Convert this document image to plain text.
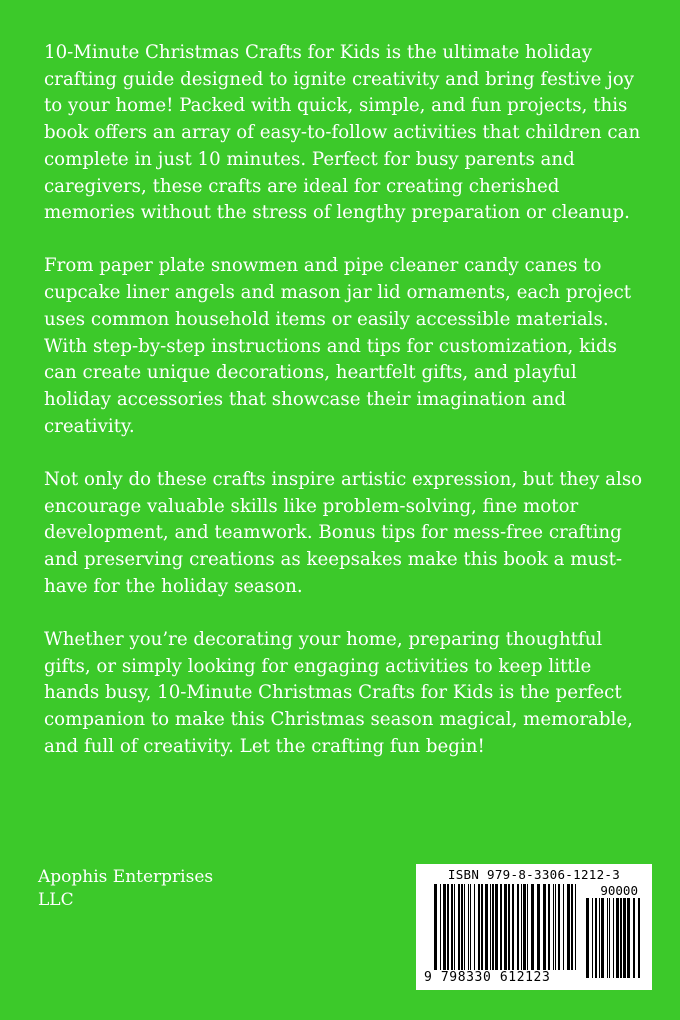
10-Minute Christmas Crafts for Kids is the ultimate holiday crafting guide designed to ignite creativity and bring festive joy to your home! Packed with quick, simple, and fun projects, this book offers an array of easy-to-follow activities that children can complete in just 10 minutes. Perfect for busy parents and caregivers, these crafts are ideal for creating cherished memories without the stress of lengthy preparation or cleanup.

From paper plate snowmen and pipe cleaner candy canes to cupcake liner angels and mason jar lid ornaments, each project uses common household items or easily accessible materials. With step-by-step instructions and tips for customization, kids can create unique decorations, heartfelt gifts, and playful holiday accessories that showcase their imagination and creativity.

Not only do these crafts inspire artistic expression, but they also encourage valuable skills like problem-solving, fine motor development, and teamwork. Bonus tips for mess-free crafting and preserving creations as keepsakes make this book a must-have for the holiday season.

Whether you’re decorating your home, preparing thoughtful gifts, or simply looking for engaging activities to keep little hands busy, 10-Minute Christmas Crafts for Kids is the perfect companion to make this Christmas season magical, memorable, and full of creativity. Let the crafting fun begin!

Apophis Enterprises
LLC
ISBN 979-8-3306-1212-3
90000
9 798330 612123
